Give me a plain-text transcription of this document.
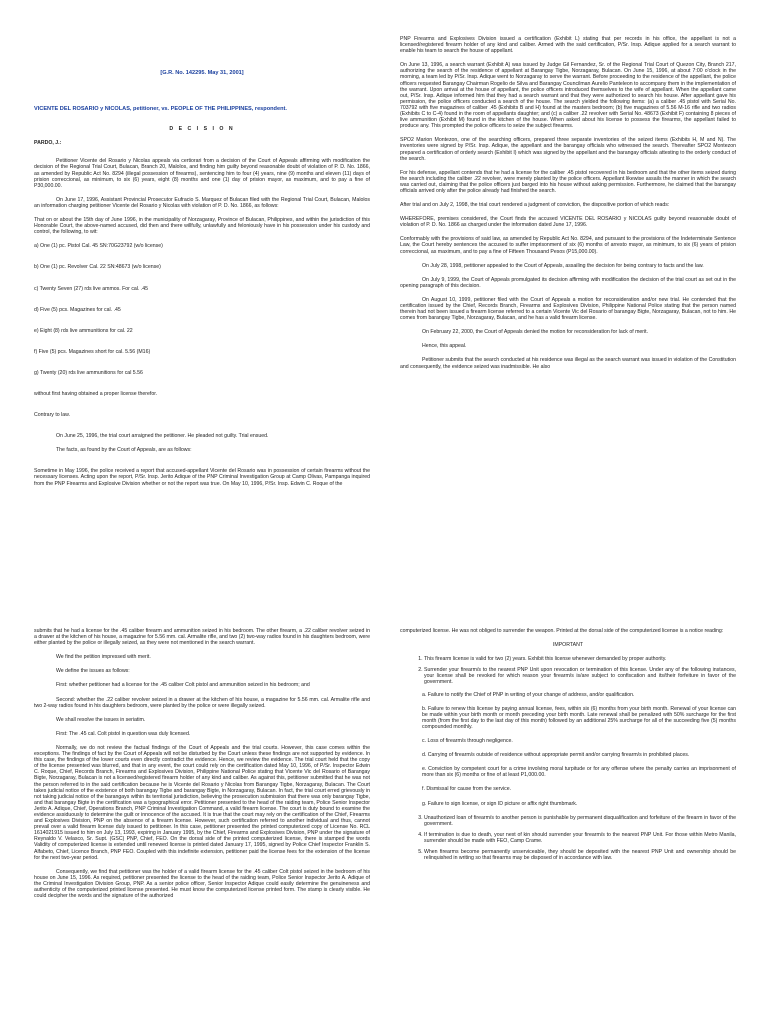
[G.R. No. 142295. May 31, 2001]

VICENTE DEL ROSARIO y NICOLAS, petitioner, vs. PEOPLE OF THE PHILIPPINES, respondent.

D E C I S I O N

PARDO, J.:

Petitioner Vicente del Rosario y Nicolas appeals via certiorari from a decision of the Court of Appeals affirming with modification the decision of the Regional Trial Court, Bulacan, Branch 20, Malolos, and finding him guilty beyond reasonable doubt of violation of P. D. No. 1866, as amended by Republic Act No. 8294 (illegal possession of firearms), sentencing him to four (4) years, nine (9) months and eleven (11) days of prision correccional, as minimum, to six (6) years, eight (8) months and one (1) day of prision mayor, as maximum, and to pay a fine of P30,000.00.

On June 17, 1996, Assistant Provincial Prosecutor Eufracio S. Marquez of Bulacan filed with the Regional Trial Court, Bulacan, Malolos an information charging petitioner Vicente del Rosario y Nicolas with violation of P. D. No. 1866, as follows:

That on or about the 15th day of June 1996, in the municipality of Norzagaray, Province of Bulacan, Philippines, and within the jurisdiction of this Honorable Court, the above-named accused, did then and there willfully, unlawfully and feloniously have in his possession under his custody and control, the following, to wit:

a) One (1) pc. Pistol Cal. 45 SN:70G23792 (w/o license)

b) One (1) pc. Revolver Cal. 22 SN:48673 (w/o license)

c) Twenty Seven (27) rds live ammos. For cal. .45

d) Five (5) pcs. Magazines for cal. .45

e) Eight (8) rds live ammunitions for cal. 22

f) Five (5) pcs. Magazines short for cal. 5.56 (M16)

g) Twenty (20) rds live ammunitions for cal 5.56

without first having obtained a proper license therefor.

Contrary to law.

On June 25, 1996, the trial court arraigned the petitioner. He pleaded not guilty. Trial ensued.

The facts, as found by the Court of Appeals, are as follows:

Sometime in May 1996, the police received a report that accused-appellant Vicente del Rosario was in possession of certain firearms without the necessary licenses. Acting upon the report, P/Sr. Insp. Jerito Adique of the PNP Criminal Investigation Group at Camp Olivas, Pampanga inquired from the PNP Firearms and Explosive Division whether or not the report was true. On May 10, 1996, P/Sr. Insp. Edwin C. Roque of the

PNP Firearms and Explosives Division issued a certification (Exhibit L) stating that per records in his office, the appellant is not a licensed/registered firearm holder of any kind and caliber. Armed with the said certification, P/Sr. Insp. Adique applied for a search warrant to enable his team to search the house of appellant.

On June 13, 1996, a search warrant (Exhibit A) was issued by Judge Gil Fernandez, Sr. of the Regional Trial Court of Quezon City, Branch 217, authorizing the search of the residence of appellant at Barangay Tigbe, Norzagaray, Bulacan. On June 15, 1996, at about 7:00 o'clock in the morning, a team led by P/Sr. Insp. Adique went to Norzagaray to serve the warrant. Before proceeding to the residence of the appellant, the police officers requested Barangay Chairman Rogelio de Silva and Barangay Councilman Aurelio Panteleon to accompany them in the implementation of the warrant. Upon arrival at the house of appellant, the police officers introduced themselves to the wife of appellant. When the appellant came out, P/Sr. Insp. Adique informed him that they had a search warrant and that they were authorized to search his house. After appellant gave his permission, the police officers conducted a search of the house. The search yielded the following items: (a) a caliber .45 pistol with Serial No. 703792 with five magazines of caliber .45 (Exhibits B and H) found at the masters bedroom; (b) five magazines of 5.56 M-16 rifle and two radios (Exhibits C to C-4) found in the room of appellants daughter; and (c) a caliber .22 revolver with Serial No. 48673 (Exhibit F) containing 8 pieces of live ammunition (Exhibit M) found in the kitchen of the house. When asked about his license to possess the firearms, the appellant failed to produce any. This prompted the police officers to seize the subject firearms.

SPO2 Marion Montezon, one of the searching officers, prepared three separate inventories of the seized items (Exhibits H, M and N). The inventories were signed by P/Sr. Insp. Adique, the appellant and the barangay officials who witnessed the search. Thereafter SPO2 Montezon prepared a certification of orderly search (Exhibit I) which was signed by the appellant and the barangay officials attesting to the orderly conduct of the search.

For his defense, appellant contends that he had a license for the caliber .45 pistol recovered in his bedroom and that the other items seized during the search including the caliber .22 revolver, were merely planted by the police officers. Appellant likewise assails the manner in which the search was carried out, claiming that the police officers just barged into his house without asking permission. Furthermore, he claimed that the barangay officials arrived only after the police already had finished the search.

After trial and on July 2, 1998, the trial court rendered a judgment of conviction, the dispositive portion of which reads:

WHEREFORE, premises considered, the Court finds the accused VICENTE DEL ROSARIO y NICOLAS guilty beyond reasonable doubt of violation of P. D. No. 1866 as charged under the information dated June 17, 1996.

Conformably with the provisions of said law, as amended by Republic Act No. 8294, and pursuant to the provisions of the Indeterminate Sentence Law, the Court hereby sentences the accused to suffer imprisonment of six (6) months of arresto mayor, as minimum, to six (6) years of prision correccional, as maximum, and to pay a fine of Fifteen Thousand Pesos (P15,000.00).

On July 28, 1998, petitioner appealed to the Court of Appeals, assailing the decision for being contrary to facts and the law.

On July 9, 1999, the Court of Appeals promulgated its decision affirming with modification the decision of the trial court as set out in the opening paragraph of this decision.

On August 10, 1999, petitioner filed with the Court of Appeals a motion for reconsideration and/or new trial. He contended that the certification issued by the Chief, Records Branch, Firearms and Explosives Division, Philippine National Police stating that the person named therein had not been issued a firearm license referred to a certain Vicente Vic del Rosario of barangay Bigte, Norzagaray, Bulacan, not to him. He comes from barangay Tigbe, Norzagaray, Bulacan, and he has a valid firearm license.

On February 22, 2000, the Court of Appeals denied the motion for reconsideration for lack of merit.

Hence, this appeal.

Petitioner submits that the search conducted at his residence was illegal as the search warrant was issued in violation of the Constitution and consequently, the evidence seized was inadmissible. He also

submits that he had a license for the .45 caliber firearm and ammunition seized in his bedroom. The other firearm, a .22 caliber revolver seized in a drawer at the kitchen of his house, a magazine for 5.56 mm. cal. Armalite rifle, and two (2) two-way radios found in his daughters bedroom, were either planted by the police or illegally seized, as they were not mentioned in the search warrant.

We find the petition impressed with merit.

We define the issues as follows:

First: whether petitioner had a license for the .45 caliber Colt pistol and ammunition seized in his bedroom; and

Second: whether the .22 caliber revolver seized in a drawer at the kitchen of his house, a magazine for 5.56 mm. cal. Armalite rifle and two 2-way radios found in his daughters bedroom, were planted by the police or were illegally seized.

We shall resolve the issues in seriatim.

First: The .45 cal. Colt pistol in question was duly licensed.

Normally, we do not review the factual findings of the Court of Appeals and the trial courts. However, this case comes within the exceptions. The findings of fact by the Court of Appeals will not be disturbed by the Court unless these findings are not supported by evidence. In this case, the findings of the lower courts even directly contradict the evidence. Hence, we review the evidence. The trial court held that the copy of the license presented was blurred, and that in any event, the court could rely on the certification dated May 10, 1996, of P/Sr. Inspector Edwin C. Roque, Chief, Records Branch, Firearms and Explosives Division, Philippine National Police stating that Vicente Vic del Rosario of Barangay Bigte, Norzagaray, Bulacan is not a licensed/registered firearm holder of any kind and caliber. As against this, petitioner submitted that he was not the person referred to in the said certification because he is Vicente del Rosario y Nicolas from Barangay Tigbe, Norzagaray, Bulacan. The Court takes judicial notice of the existence of both barangay Tigbe and barangay Bigte, in Norzagaray, Bulacan. In fact, the trial court erred grievously in not taking judicial notice of the barangays within its territorial jurisdiction, believing the prosecution submission that there was only barangay Tigbe, and that barangay Bigte in the certification was a typographical error. Petitioner presented to the head of the raiding team, Police Senior Inspector Jerito A. Adique, Chief, Operations Branch, PNP Criminal Investigation Command, a valid firearm license. The court is duty bound to examine the evidence assiduously to determine the guilt or innocence of the accused. It is true that the court may rely on the certification of the Chief, Firearms and Explosives Division, PNP on the absence of a firearm license. However, such certification referred to another individual and thus, cannot prevail over a valid firearm license duly issued to petitioner. In this case, petitioner presented the printed computerized copy of License No. RCL 1614021915 issued to him on July 13, 1993, expiring in January 1995, by the Chief, Firearms and Explosives Division, PNP under the signature of Reynaldo V. Velasco, Sr. Supt. (GSC) PNP, Chief, FEO. On the dorsal side of the printed computerized license, there is stamped the words Validity of computerized license is extended until renewed license is printed dated January 17, 1995, signed by Police Chief Inspector Franklin S. Alfabeto, Chief, Licence Branch, PNP FEO. Coupled with this indefinite extension, petitioner paid the license fees for the extension of the license for the next two-year period.

Consequently, we find that petitioner was the holder of a valid firearm license for the .45 caliber Colt pistol seized in the bedroom of his house on June 15, 1996. As required, petitioner presented the license to the head of the raiding team, Police Senior Inspector Jerito A. Adique of the Criminal Investigation Division Group, PNP. As a senior police officer, Senior Inspector Adique could easily determine the genuineness and authenticity of the computerized printed license presented. He must know the computerized license printed form. The stamp is clearly visible. He could decipher the words and the signature of the authorized

computerized license. He was not obliged to surrender the weapon. Printed at the dorsal side of the computerized license is a notice reading:

IMPORTANT

1. This firearm license is valid for two (2) years. Exhibit this license whenever demanded by proper authority.
2. Surrender your firearm/s to the nearest PNP Unit upon revocation or termination of this license. Under any of the following instances, your license shall be revoked for which reason your firearm/s is/are subject to confiscation and its/their forfeiture in favor of the government.

a. Failure to notify the Chief of PNP in writing of your change of address, and/or qualification.

b. Failure to renew this license by paying annual license, fees, within six (6) months from your birth month. Renewal of your license can be made within your birth month or month preceding your birth month. Late renewal shall be penalized with 50% surcharge for the first month (from the first day to the last day of this month) followed by an additional 25% surcharge for all of the succeeding five (5) months compounded monthly.

c. Loss of firearm/s through negligence.

d. Carrying of firearm/s outside of residence without appropriate permit and/or carrying firearm/s in prohibited places.

e. Conviction by competent court for a crime involving moral turpitude or for any offense where the penalty carries an imprisonment of more than six (6) months or fine of at least P1,000.00.

f. Dismissal for cause from the service.

g. Failure to sign license, or sign ID picture or affix right thumbmark.

3. Unauthorized loan of firearm/s to another person is punishable by permanent disqualification and forfeiture of the firearm in favor of the government.
4. If termination is due to death, your next of kin should surrender your firearm/s to the nearest PNP Unit. For those within Metro Manila, surrender should be made with FEO, Camp Crame.
5. When firearms become permanently unserviceable, they should be deposited with the nearest PNP Unit and ownership should be relinquished in writing so that firearms may be disposed of in accordance with law.
